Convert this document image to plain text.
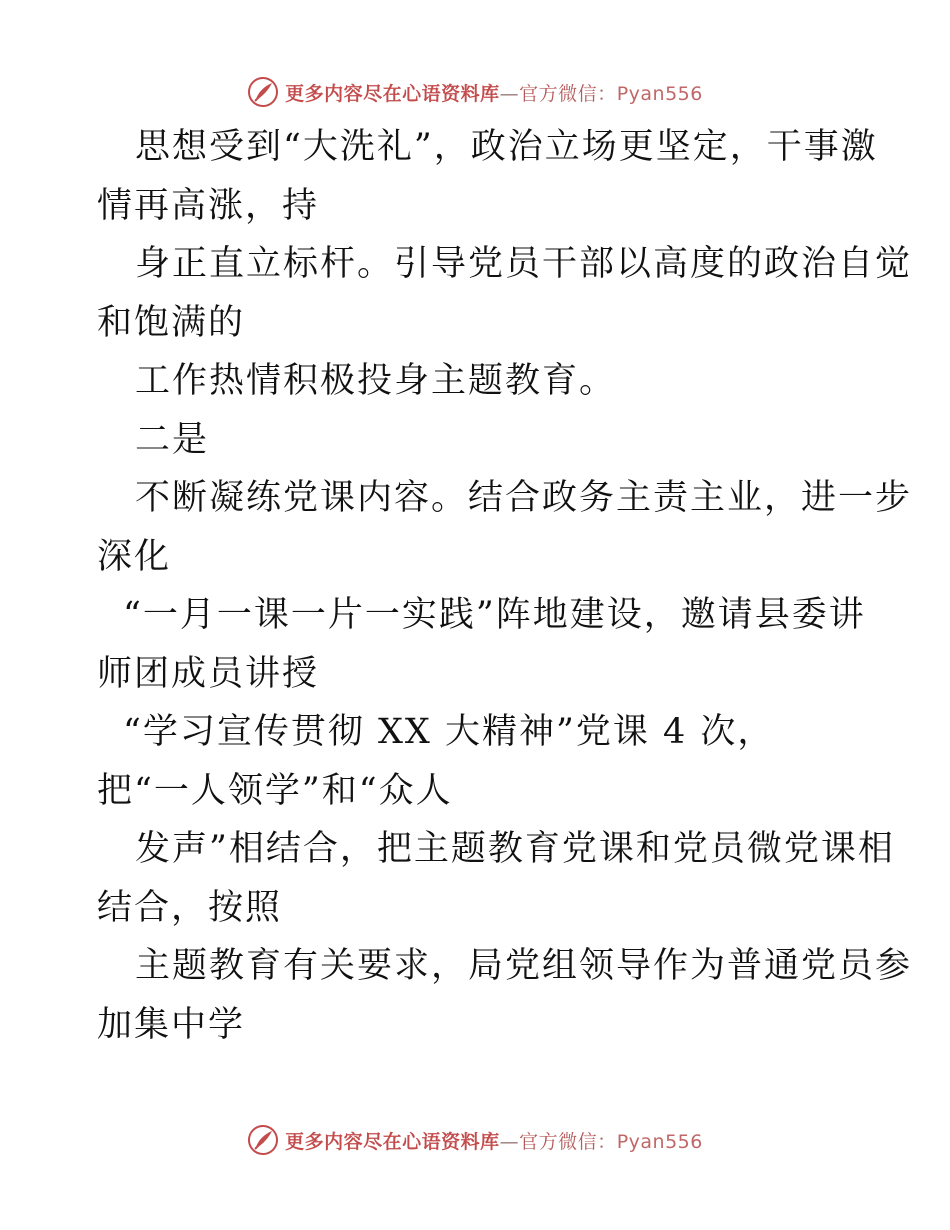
更多内容尽在心语资料库—官方微信：Pyan556
思想受到“大洗礼”，政治立场更坚定，干事激
情再高涨，持
身正直立标杆。引导党员干部以高度的政治自觉
和饱满的
工作热情积极投身主题教育。
二是
不断凝练党课内容。结合政务主责主业，进一步
深化
“一月一课一片一实践”阵地建设，邀请县委讲
师团成员讲授
“学习宣传贯彻 XX 大精神”党课 4 次，
把“一人领学”和“众人
发声”相结合，把主题教育党课和党员微党课相
结合，按照
主题教育有关要求，局党组领导作为普通党员参
加集中学
更多内容尽在心语资料库—官方微信：Pyan556
